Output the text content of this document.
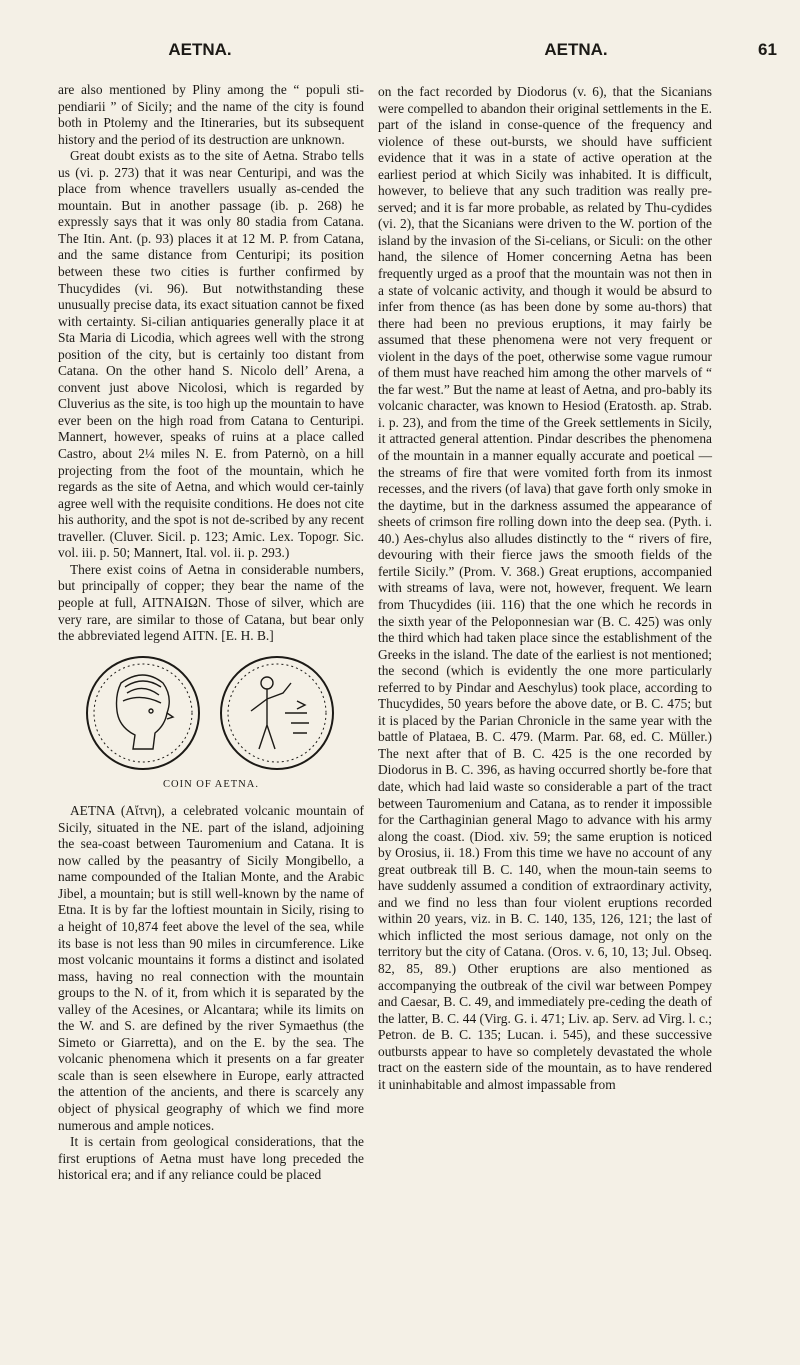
AETNA.	AETNA.	61

are also mentioned by Pliny among the “ populi sti-pendiarii ” of Sicily; and the name of the city is found both in Ptolemy and the Itineraries, but its subsequent history and the period of its destruction are unknown.

Great doubt exists as to the site of Aetna. Strabo tells us (vi. p. 273) that it was near Centuripi, and was the place from whence travellers usually as-cended the mountain. But in another passage (ib. p. 268) he expressly says that it was only 80 stadia from Catana. The Itin. Ant. (p. 93) places it at 12 M. P. from Catana, and the same distance from Centuripi; its position between these two cities is further confirmed by Thucydides (vi. 96). But notwithstanding these unusually precise data, its exact situation cannot be fixed with certainty. Si-cilian antiquaries generally place it at Sta Maria di Licodia, which agrees well with the strong position of the city, but is certainly too distant from Catana. On the other hand S. Nicolo dell’ Arena, a convent just above Nicolosi, which is regarded by Cluverius as the site, is too high up the mountain to have ever been on the high road from Catana to Centuripi. Mannert, however, speaks of ruins at a place called Castro, about 2¼ miles N. E. from Paternò, on a hill projecting from the foot of the mountain, which he regards as the site of Aetna, and which would cer-tainly agree well with the requisite conditions. He does not cite his authority, and the spot is not de-scribed by any recent traveller. (Cluver. Sicil. p. 123; Amic. Lex. Topogr. Sic. vol. iii. p. 50; Mannert, Ital. vol. ii. p. 293.)

There exist coins of Aetna in considerable numbers, but principally of copper; they bear the name of the people at full, ΑΙΤΝΑΙΩΝ. Those of silver, which are very rare, are similar to those of Catana, but bear only the abbreviated legend ΑΙΤΝ. [E. H. B.]

COIN OF AETNA.

AETNA (Αἴτνη), a celebrated volcanic mountain of Sicily, situated in the NE. part of the island, adjoining the sea-coast between Tauromenium and Catana. It is now called by the peasantry of Sicily Mongibello, a name compounded of the Italian Monte, and the Arabic Jibel, a mountain; but is still well-known by the name of Etna. It is by far the loftiest mountain in Sicily, rising to a height of 10,874 feet above the level of the sea, while its base is not less than 90 miles in circumference. Like most volcanic mountains it forms a distinct and isolated mass, having no real connection with the mountain groups to the N. of it, from which it is separated by the valley of the Acesines, or Alcantara; while its limits on the W. and S. are defined by the river Symaethus (the Simeto or Giarretta), and on the E. by the sea. The volcanic phenomena which it presents on a far greater scale than is seen elsewhere in Europe, early attracted the attention of the ancients, and there is scarcely any object of physical geography of which we find more numerous and ample notices.

It is certain from geological considerations, that the first eruptions of Aetna must have long preceded the historical era; and if any reliance could be placed

on the fact recorded by Diodorus (v. 6), that the Sicanians were compelled to abandon their original settlements in the E. part of the island in conse-quence of the frequency and violence of these out-bursts, we should have sufficient evidence that it was in a state of active operation at the earliest period at which Sicily was inhabited. It is difficult, however, to believe that any such tradition was really pre-served; and it is far more probable, as related by Thu-cydides (vi. 2), that the Sicanians were driven to the W. portion of the island by the invasion of the Si-celians, or Siculi: on the other hand, the silence of Homer concerning Aetna has been frequently urged as a proof that the mountain was not then in a state of volcanic activity, and though it would be absurd to infer from thence (as has been done by some au-thors) that there had been no previous eruptions, it may fairly be assumed that these phenomena were not very frequent or violent in the days of the poet, otherwise some vague rumour of them must have reached him among the other marvels of “ the far west.” But the name at least of Aetna, and pro-bably its volcanic character, was known to Hesiod (Eratosth. ap. Strab. i. p. 23), and from the time of the Greek settlements in Sicily, it attracted general attention. Pindar describes the phenomena of the mountain in a manner equally accurate and poetical — the streams of fire that were vomited forth from its inmost recesses, and the rivers (of lava) that gave forth only smoke in the daytime, but in the darkness assumed the appearance of sheets of crimson fire rolling down into the deep sea. (Pyth. i. 40.) Aes-chylus also alludes distinctly to the “ rivers of fire, devouring with their fierce jaws the smooth fields of the fertile Sicily.” (Prom. V. 368.) Great eruptions, accompanied with streams of lava, were not, however, frequent. We learn from Thucydides (iii. 116) that the one which he records in the sixth year of the Peloponnesian war (B. C. 425) was only the third which had taken place since the establishment of the Greeks in the island. The date of the earliest is not mentioned; the second (which is evidently the one more particularly referred to by Pindar and Aeschylus) took place, according to Thucydides, 50 years before the above date, or B. C. 475; but it is placed by the Parian Chronicle in the same year with the battle of Plataea, B. C. 479. (Marm. Par. 68, ed. C. Müller.) The next after that of B. C. 425 is the one recorded by Diodorus in B. C. 396, as having occurred shortly be-fore that date, which had laid waste so considerable a part of the tract between Tauromenium and Catana, as to render it impossible for the Carthaginian general Mago to advance with his army along the coast. (Diod. xiv. 59; the same eruption is noticed by Orosius, ii. 18.) From this time we have no account of any great outbreak till B. C. 140, when the moun-tain seems to have suddenly assumed a condition of extraordinary activity, and we find no less than four violent eruptions recorded within 20 years, viz. in B. C. 140, 135, 126, 121; the last of which inflicted the most serious damage, not only on the territory but the city of Catana. (Oros. v. 6, 10, 13; Jul. Obseq. 82, 85, 89.) Other eruptions are also mentioned as accompanying the outbreak of the civil war between Pompey and Caesar, B. C. 49, and immediately pre-ceding the death of the latter, B. C. 44 (Virg. G. i. 471; Liv. ap. Serv. ad Virg. l. c.; Petron. de B. C. 135; Lucan. i. 545), and these successive outbursts appear to have so completely devastated the whole tract on the eastern side of the mountain, as to have rendered it uninhabitable and almost impassable from
